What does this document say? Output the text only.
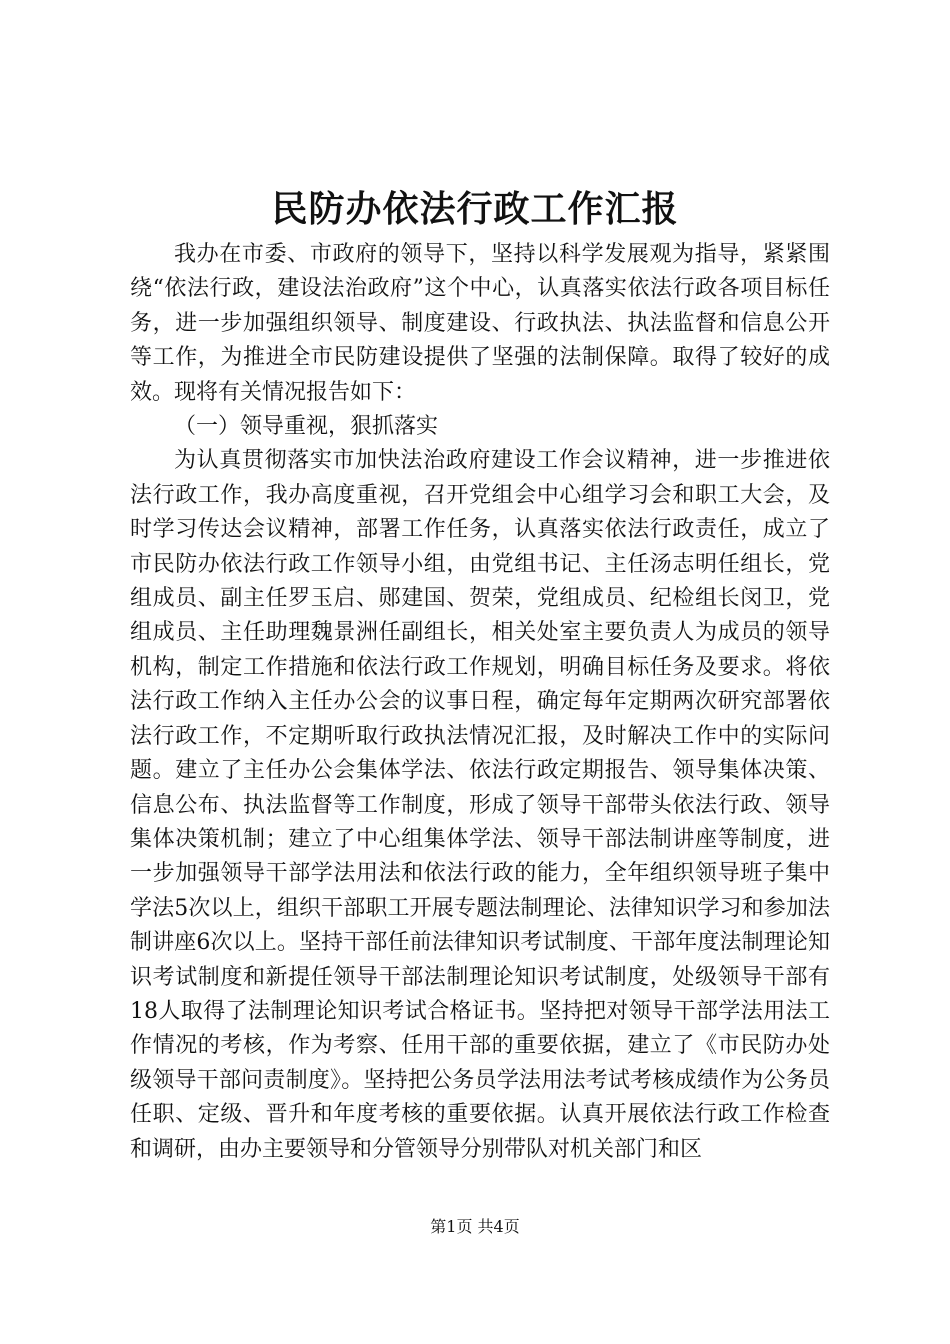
民防办依法行政工作汇报

我办在市委、市政府的领导下，坚持以科学发展观为指导，紧紧围绕“依法行政，建设法治政府”这个中心，认真落实依法行政各项目标任务，进一步加强组织领导、制度建设、行政执法、执法监督和信息公开等工作，为推进全市民防建设提供了坚强的法制保障。取得了较好的成效。现将有关情况报告如下：

（一）领导重视，狠抓落实

为认真贯彻落实市加快法治政府建设工作会议精神，进一步推进依法行政工作，我办高度重视，召开党组会中心组学习会和职工大会，及时学习传达会议精神，部署工作任务，认真落实依法行政责任，成立了市民防办依法行政工作领导小组，由党组书记、主任汤志明任组长，党组成员、副主任罗玉启、郧建国、贺荣，党组成员、纪检组长闵卫，党组成员、主任助理魏景洲任副组长，相关处室主要负责人为成员的领导机构，制定工作措施和依法行政工作规划，明确目标任务及要求。将依法行政工作纳入主任办公会的议事日程，确定每年定期两次研究部署依法行政工作，不定期听取行政执法情况汇报，及时解决工作中的实际问题。建立了主任办公会集体学法、依法行政定期报告、领导集体决策、信息公布、执法监督等工作制度，形成了领导干部带头依法行政、领导集体决策机制；建立了中心组集体学法、领导干部法制讲座等制度，进一步加强领导干部学法用法和依法行政的能力，全年组织领导班子集中学法5次以上，组织干部职工开展专题法制理论、法律知识学习和参加法制讲座6次以上。坚持干部任前法律知识考试制度、干部年度法制理论知识考试制度和新提任领导干部法制理论知识考试制度，处级领导干部有18人取得了法制理论知识考试合格证书。坚持把对领导干部学法用法工作情况的考核，作为考察、任用干部的重要依据，建立了《市民防办处级领导干部问责制度》。坚持把公务员学法用法考试考核成绩作为公务员任职、定级、晋升和年度考核的重要依据。认真开展依法行政工作检查和调研，由办主要领导和分管领导分别带队对机关部门和区

第1页 共4页
